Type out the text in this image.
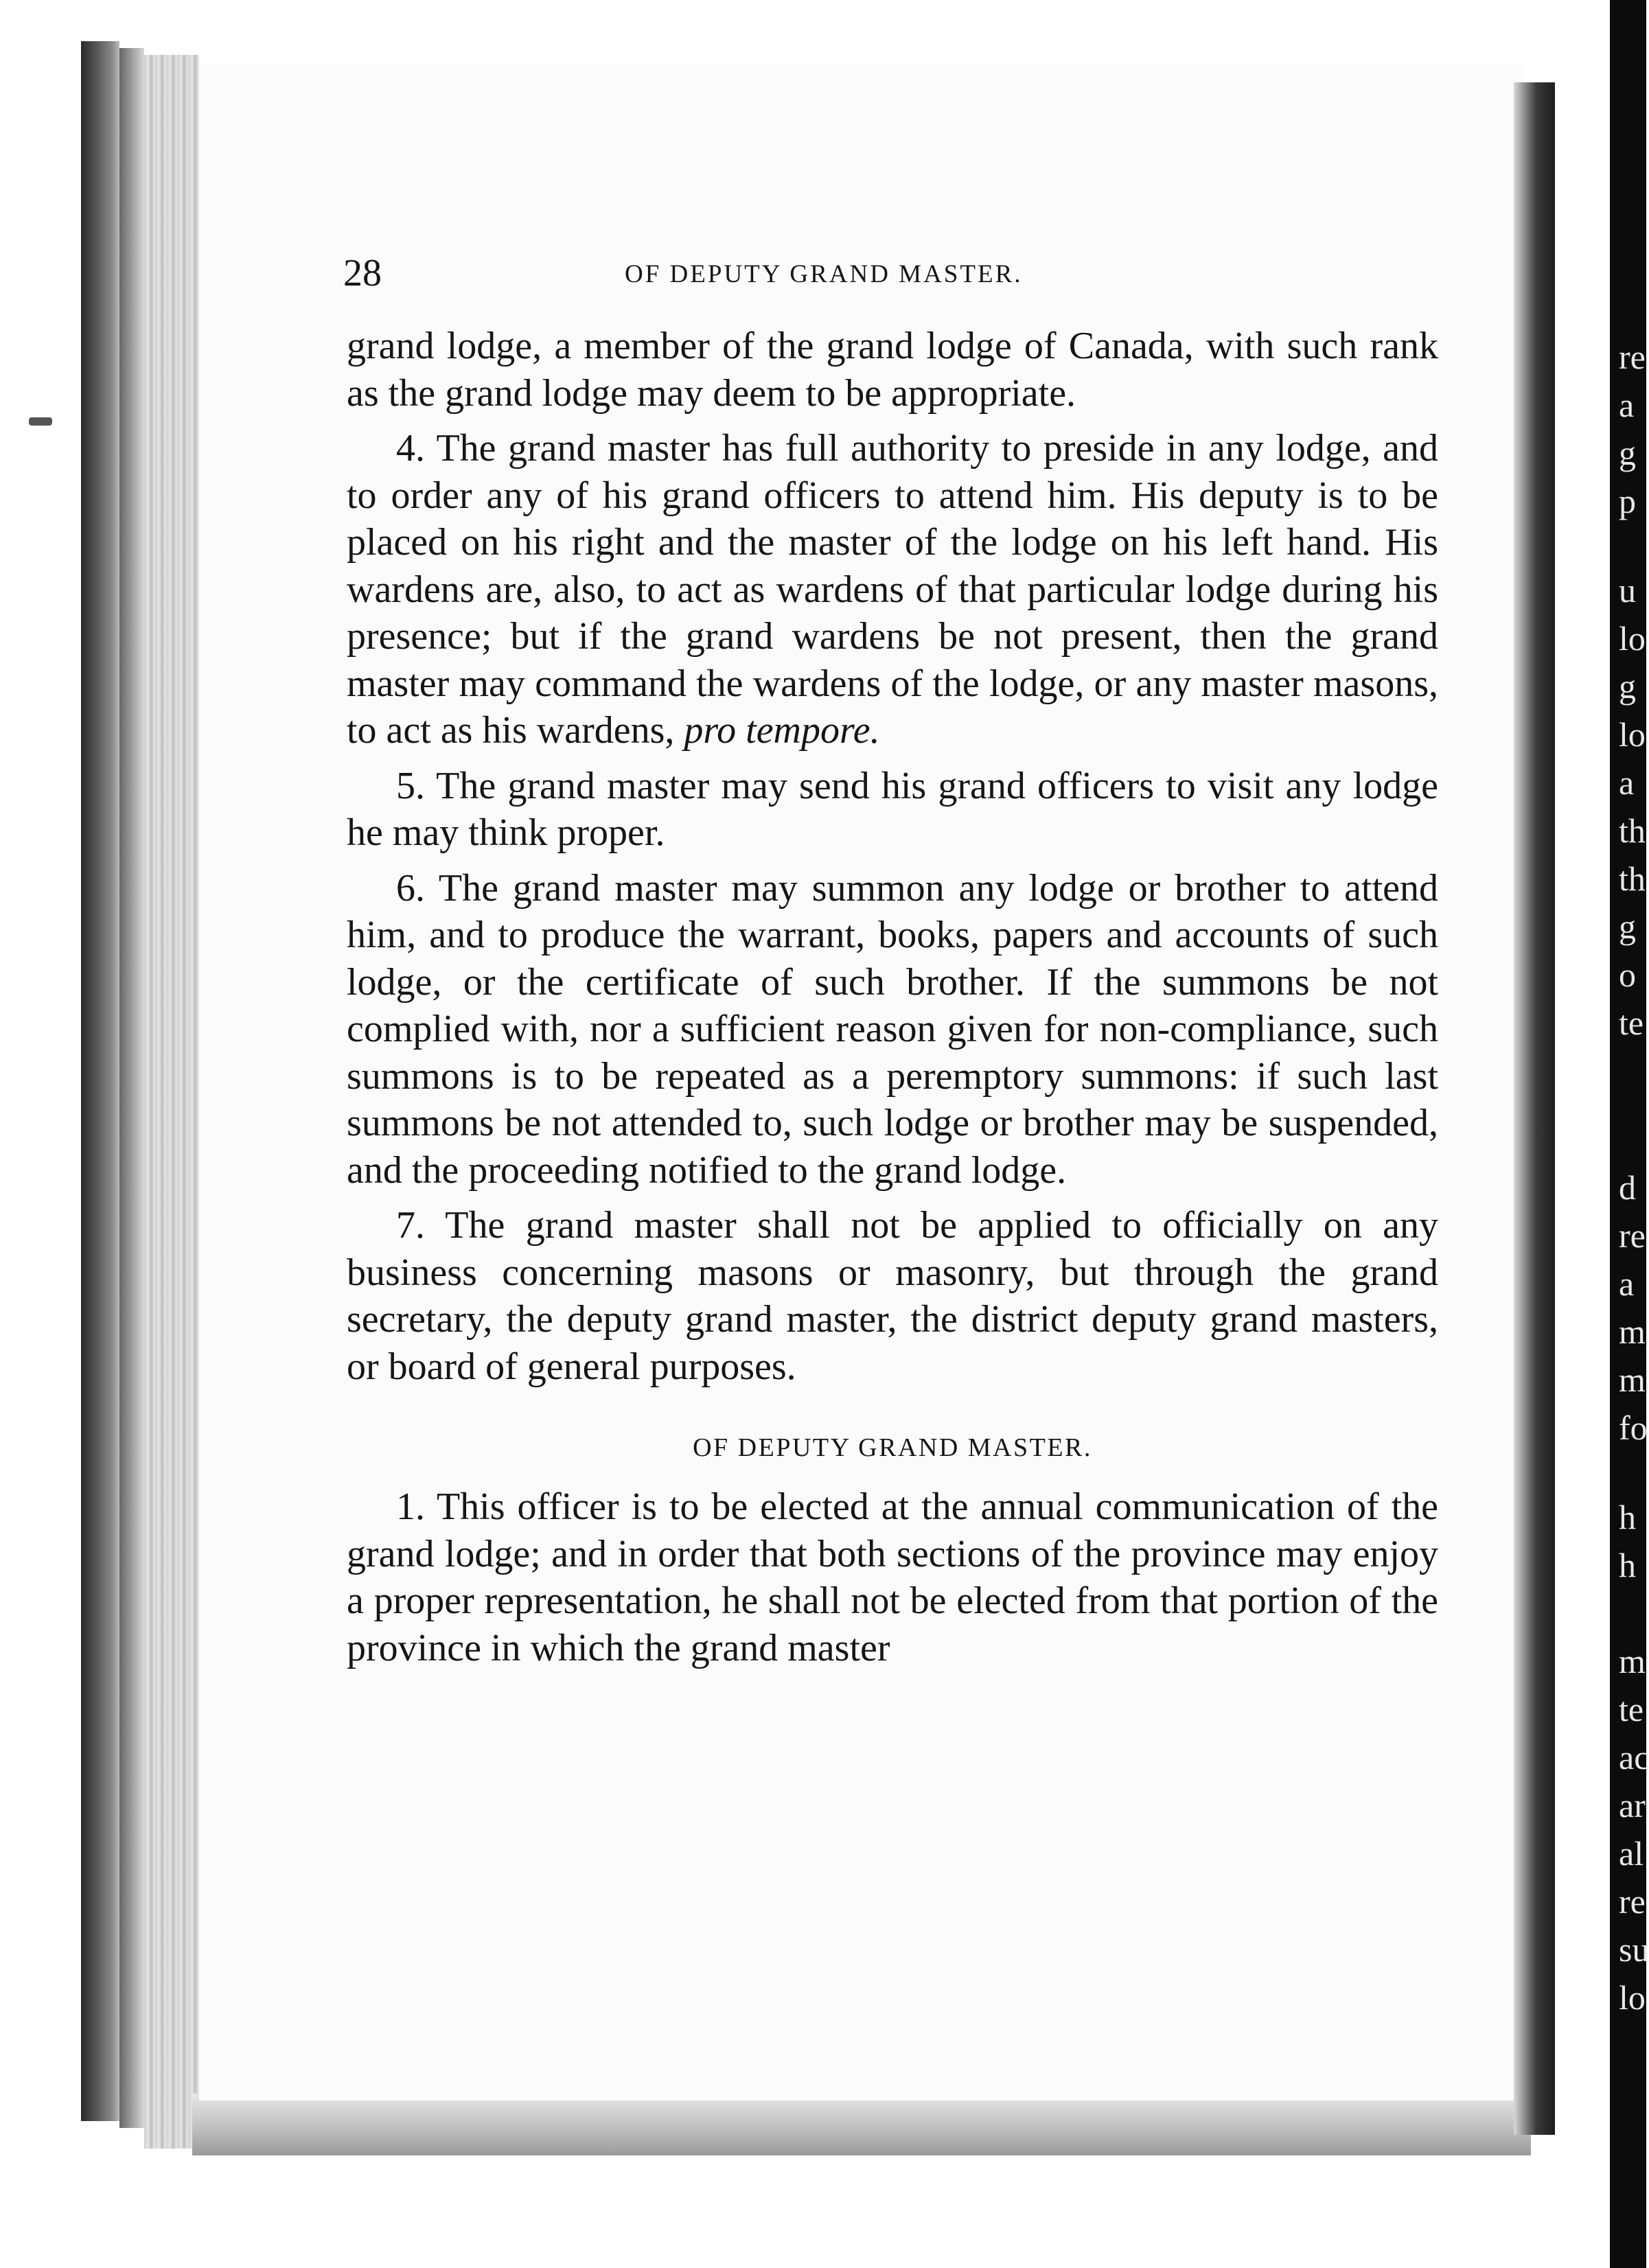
28	OF DEPUTY GRAND MASTER.

grand lodge, a member of the grand lodge of Canada, with such rank as the grand lodge may deem to be appropriate.

4. The grand master has full authority to preside in any lodge, and to order any of his grand officers to attend him. His deputy is to be placed on his right and the master of the lodge on his left hand. His wardens are, also, to act as wardens of that particular lodge during his presence; but if the grand wardens be not present, then the grand master may command the wardens of the lodge, or any master masons, to act as his wardens, pro tempore.

5. The grand master may send his grand officers to visit any lodge he may think proper.

6. The grand master may summon any lodge or brother to attend him, and to produce the warrant, books, papers and accounts of such lodge, or the certificate of such brother. If the summons be not complied with, nor a sufficient reason given for non-compliance, such summons is to be repeated as a peremptory summons: if such last summons be not attended to, such lodge or brother may be suspended, and the proceeding notified to the grand lodge.

7. The grand master shall not be applied to officially on any business concerning masons or masonry, but through the grand secretary, the deputy grand master, the district deputy grand masters, or board of general purposes.

OF DEPUTY GRAND MASTER.

1. This officer is to be elected at the annual communication of the grand lodge; and in order that both sections of the province may enjoy a proper representation, he shall not be elected from that portion of the province in which the grand master

re
a
g
p
u
lo
g
lo
a
th
th
g
o
te
d
re
a
m
m
fo
h
h
m
te
ac
ar
al
re
su
lo
